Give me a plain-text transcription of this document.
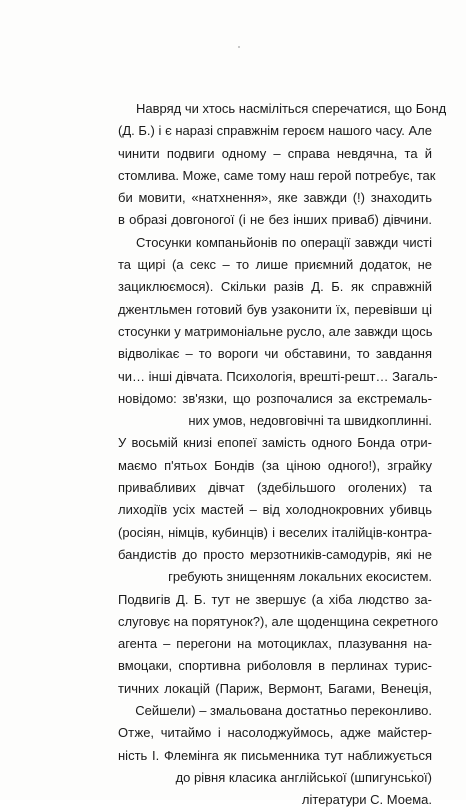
Навряд чи хтось насміліться сперечатися, що Бонд
(Д. Б.) і є наразі справжнім героєм нашого часу. Але
чинити подвиги одному – справа невдячна, та й
стомлива. Може, саме тому наш герой потребує, так
би мовити, «натхнення», яке завжди (!) знаходить
в образі довгоногої (і не без інших приваб) дівчини.
Стосунки компаньйонів по операції завжди чисті
та щирі (а секс – то лише приємний додаток, не
зациклюємося). Скільки разів Д. Б. як справжній
джентльмен готовий був узаконити їх, перевівши ці
стосунки у матримоніальне русло, але завжди щось
відволікає – то вороги чи обставини, то завдання
чи… інші дівчата. Психологія, врешті-решт… Загаль-
новідомо: зв'язки, що розпочалися за екстремаль-
них умов, недовговічні та швидкоплинні.
У восьмій книзі епопеї замість одного Бонда отри-
маємо п'ятьох Бондів (за ціною одного!), зграйку
привабливих дівчат (здебільшого оголених) та
лиходіїв усіх мастей – від холоднокровних убивць
(росіян, німців, кубинців) і веселих італійців-контра-
бандистів до просто мерзотників-самодурів, які не
гребують знищенням локальних екосистем.
Подвигів Д. Б. тут не звершує (а хіба людство за-
слуговує на порятунок?), але щоденщина секретного
агента – перегони на мотоциклах, плазування на-
вмоцаки, спортивна риболовля в перлинах турис-
тичних локацій (Париж, Вермонт, Багами, Венеція,
Сейшели) – змальована достатньо переконливо.
Отже, читаймо і насолоджуймось, адже майстер-
ність І. Флемінга як письменника тут наближується
до рівня класика англійської (шпигунської)
літератури С. Моема.
